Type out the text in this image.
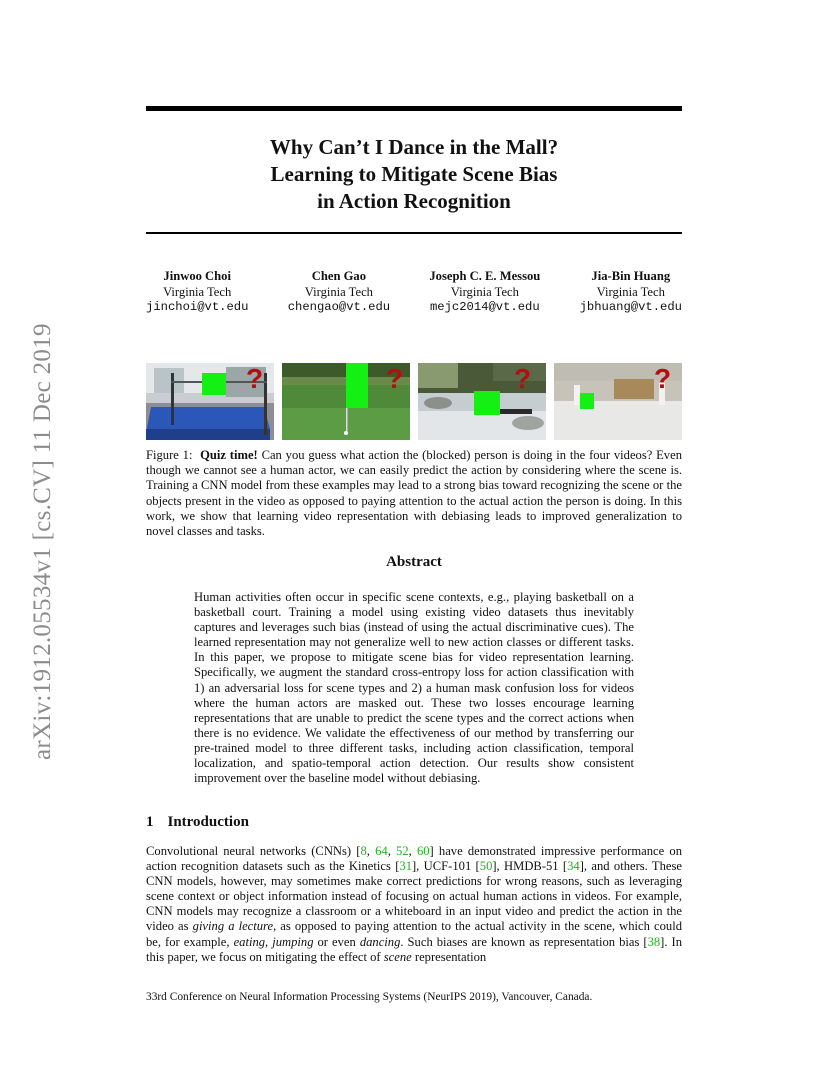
arXiv:1912.05534v1 [cs.CV] 11 Dec 2019
Why Can’t I Dance in the Mall?
Learning to Mitigate Scene Bias
in Action Recognition
Jinwoo Choi
Virginia Tech
jinchoi@vt.edu
Chen Gao
Virginia Tech
chengao@vt.edu
Joseph C. E. Messou
Virginia Tech
mejc2014@vt.edu
Jia-Bin Huang
Virginia Tech
jbhuang@vt.edu
?	?	?	?
Figure 1: Quiz time! Can you guess what action the (blocked) person is doing in the four videos? Even though we cannot see a human actor, we can easily predict the action by considering where the scene is. Training a CNN model from these examples may lead to a strong bias toward recognizing the scene or the objects present in the video as opposed to paying attention to the actual action the person is doing. In this work, we show that learning video representation with debiasing leads to improved generalization to novel classes and tasks.
Abstract
Human activities often occur in specific scene contexts, e.g., playing basketball on a basketball court. Training a model using existing video datasets thus inevitably captures and leverages such bias (instead of using the actual discriminative cues). The learned representation may not generalize well to new action classes or different tasks. In this paper, we propose to mitigate scene bias for video representation learning. Specifically, we augment the standard cross-entropy loss for action classification with 1) an adversarial loss for scene types and 2) a human mask confusion loss for videos where the human actors are masked out. These two losses encourage learning representations that are unable to predict the scene types and the correct actions when there is no evidence. We validate the effectiveness of our method by transferring our pre-trained model to three different tasks, including action classification, temporal localization, and spatio-temporal action detection. Our results show consistent improvement over the baseline model without debiasing.
1 Introduction
Convolutional neural networks (CNNs) [8, 64, 52, 60] have demonstrated impressive performance on action recognition datasets such as the Kinetics [31], UCF-101 [50], HMDB-51 [34], and others. These CNN models, however, may sometimes make correct predictions for wrong reasons, such as leveraging scene context or object information instead of focusing on actual human actions in videos. For example, CNN models may recognize a classroom or a whiteboard in an input video and predict the action in the video as giving a lecture, as opposed to paying attention to the actual activity in the scene, which could be, for example, eating, jumping or even dancing. Such biases are known as representation bias [38]. In this paper, we focus on mitigating the effect of scene representation
33rd Conference on Neural Information Processing Systems (NeurIPS 2019), Vancouver, Canada.
